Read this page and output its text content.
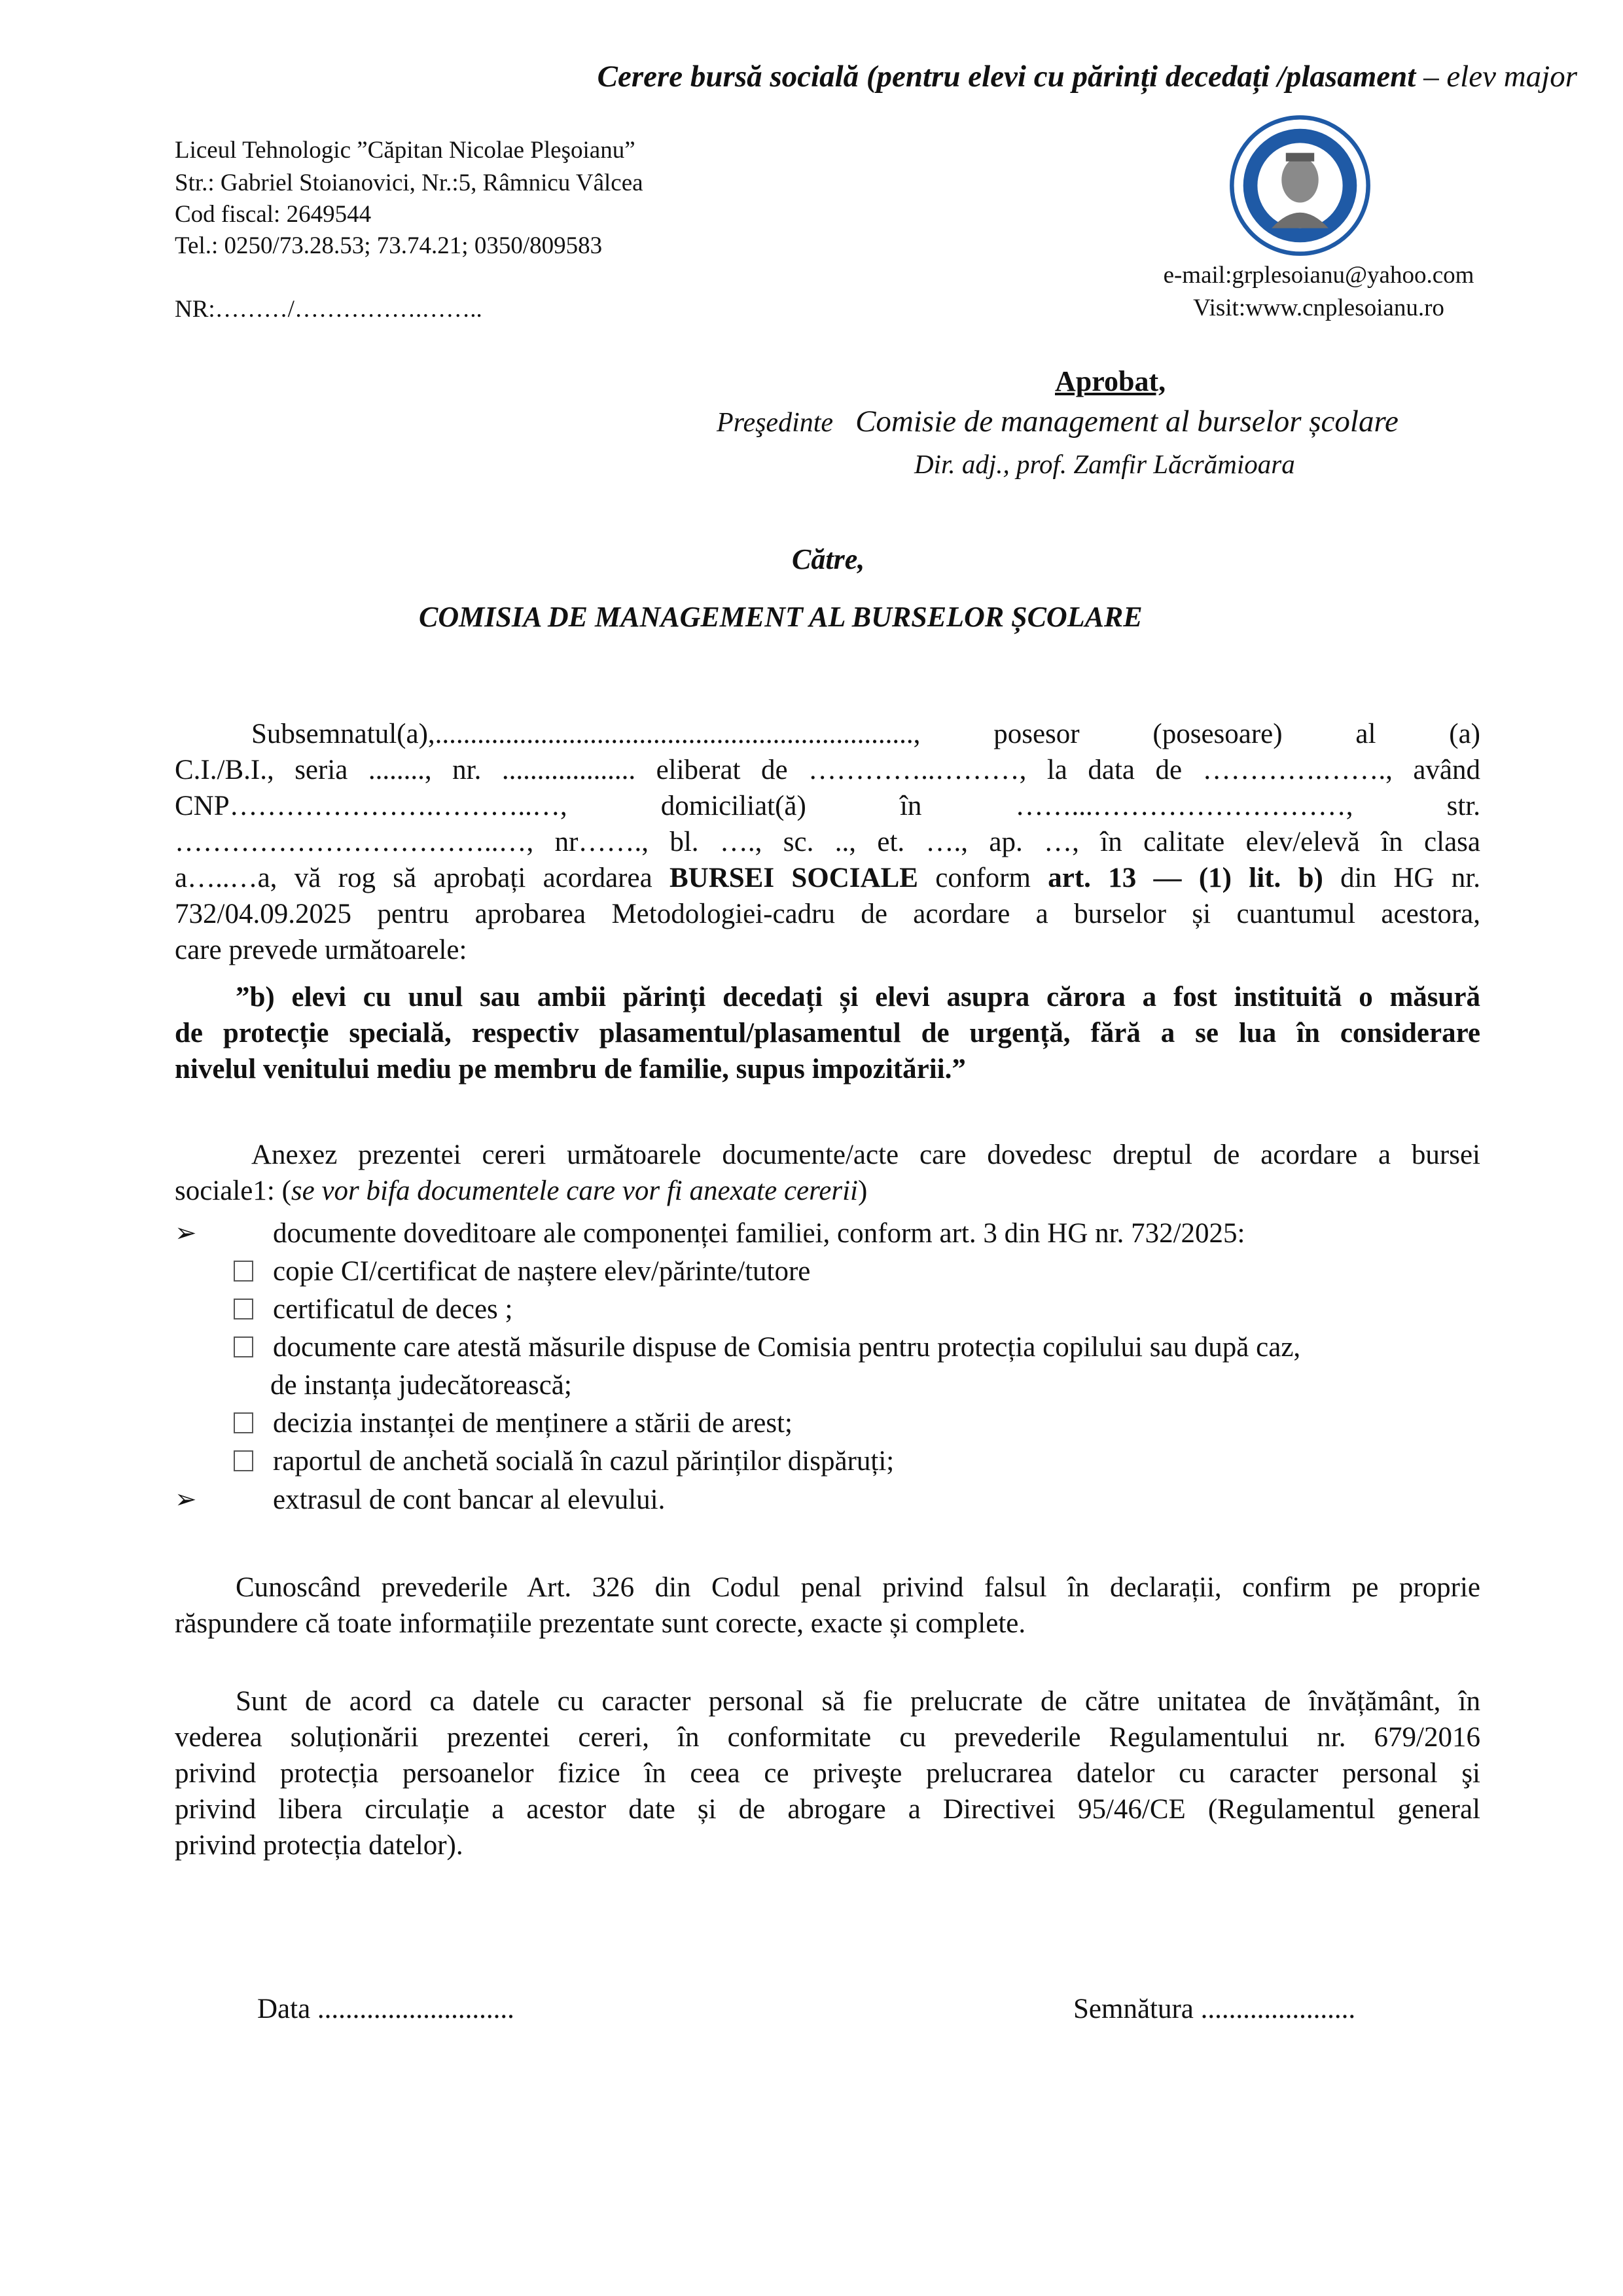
Cerere bursă socială (pentru elevi cu părinți decedați /plasament – elev major
Liceul Tehnologic ”Căpitan Nicolae Pleşoianu”
Str.: Gabriel Stoianovici, Nr.:5, Râmnicu Vâlcea
Cod fiscal: 2649544
Tel.: 0250/73.28.53; 73.74.21; 0350/809583
NR:………/…………….……..
e-mail:grplesoianu@yahoo.com
Visit:www.cnplesoianu.ro
Aprobat,
Preşedinte Comisie de management al burselor școlare
Dir. adj., prof. Zamfir Lăcrămioara
Către,
COMISIA DE MANAGEMENT AL BURSELOR ȘCOLARE
Subsemnatul(a),...................................................................., posesor (posesoare) al (a)
C.I./B.I., seria ........, nr. ................... eliberat de …………..………, la data de ………….……., având
CNP………………….………..…, domiciliat(ă) în ……...………………………, str.
……………………………..…, nr……., bl. …., sc. .., et. …., ap. …, în calitate elev/elevă în clasa
a…..…a, vă rog să aprobați acordarea BURSEI SOCIALE conform art. 13 — (1) lit. b) din HG nr.
732/04.09.2025 pentru aprobarea Metodologiei-cadru de acordare a burselor și cuantumul acestora,
care prevede următoarele:
”b) elevi cu unul sau ambii părinți decedați și elevi asupra cărora a fost instituită o măsură
de protecție specială, respectiv plasamentul/plasamentul de urgență, fără a se lua în considerare
nivelul venitului mediu pe membru de familie, supus impozitării.”
Anexez prezentei cereri următoarele documente/acte care dovedesc dreptul de acordare a bursei
sociale1: (se vor bifa documentele care vor fi anexate cererii)
➢	documente doveditoare ale componenței familiei, conform art. 3 din HG nr. 732/2025:
copie CI/certificat de naștere elev/părinte/tutore
certificatul de deces ;
documente care atestă măsurile dispuse de Comisia pentru protecția copilului sau după caz,
de instanța judecătorească;
decizia instanței de menținere a stării de arest;
raportul de anchetă socială în cazul părinților dispăruți;
➢	extrasul de cont bancar al elevului.
Cunoscând prevederile Art. 326 din Codul penal privind falsul în declarații, confirm pe proprie
răspundere că toate informațiile prezentate sunt corecte, exacte și complete.
Sunt de acord ca datele cu caracter personal să fie prelucrate de către unitatea de învățământ, în
vederea soluționării prezentei cereri, în conformitate cu prevederile Regulamentului nr. 679/2016
privind protecția persoanelor fizice în ceea ce priveşte prelucrarea datelor cu caracter personal şi
privind libera circulație a acestor date și de abrogare a Directivei 95/46/CE (Regulamentul general
privind protecția datelor).
Data ............................	Semnătura ......................
